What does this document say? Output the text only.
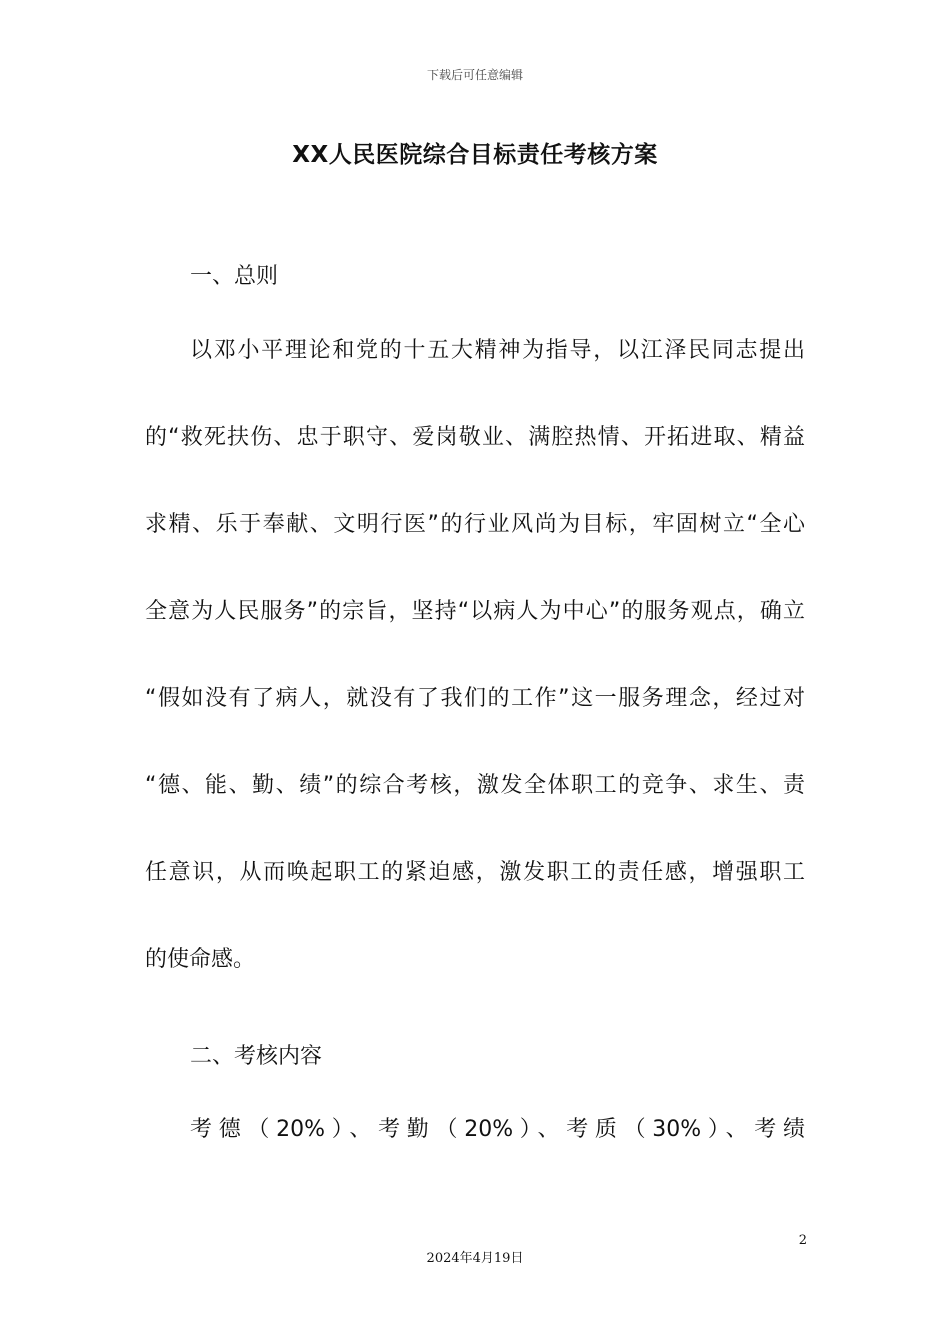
下载后可任意编辑
XX人民医院综合目标责任考核方案
一、总则
以邓小平理论和党的十五大精神为指导，以江泽民同志提出
的“救死扶伤、忠于职守、爱岗敬业、满腔热情、开拓进取、精益
求精、乐于奉献、文明行医”的行业风尚为目标，牢固树立“全心
全意为人民服务”的宗旨，坚持“以病人为中心”的服务观点，确立
“假如没有了病人，就没有了我们的工作”这一服务理念，经过对
“德、能、勤、绩”的综合考核，激发全体职工的竞争、求生、责
任意识，从而唤起职工的紧迫感，激发职工的责任感，增强职工
的使命感。
二、考核内容
考德（20%）、考勤（20%）、考质（30%）、考绩
2
2024年4月19日
